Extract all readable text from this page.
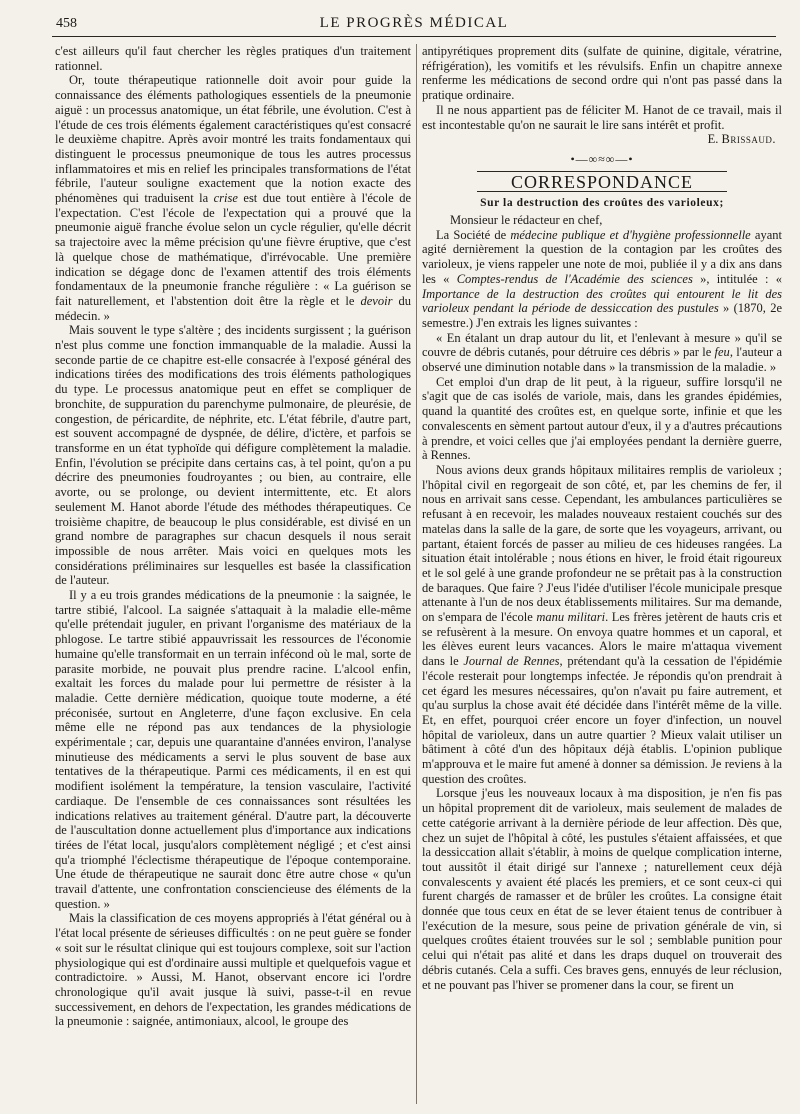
458	LE PROGRÈS MÉDICAL

c'est ailleurs qu'il faut chercher les règles pratiques d'un traitement rationnel.

Or, toute thérapeutique rationnelle doit avoir pour guide la connaissance des éléments pathologiques essentiels de la pneumonie aiguë : un processus anatomique, un état fébrile, une évolution. C'est à l'étude de ces trois éléments également caractéristiques qu'est consacré le deuxième chapitre. Après avoir montré les traits fondamentaux qui distinguent le processus pneumonique de tous les autres processus inflammatoires et mis en relief les principales transformations de l'état fébrile, l'auteur souligne exactement que la notion exacte des phénomènes qui traduisent la crise est due tout entière à l'école de l'expectation. C'est l'école de l'expectation qui a prouvé que la pneumonie aiguë franche évolue selon un cycle régulier, qu'elle décrit sa trajectoire avec la même précision qu'une fièvre éruptive, que c'est là quelque chose de mathématique, d'irrévocable. Une première indication se dégage donc de l'examen attentif des trois éléments fondamentaux de la pneumonie franche régulière : « La guérison se fait naturellement, et l'abstention doit être la règle et le devoir du médecin. »

Mais souvent le type s'altère ; des incidents surgissent ; la guérison n'est plus comme une fonction immanquable de la maladie. Aussi la seconde partie de ce chapitre est-elle consacrée à l'exposé général des indications tirées des modifications des trois éléments pathologiques du type. Le processus anatomique peut en effet se compliquer de bronchite, de suppuration du parenchyme pulmonaire, de pleurésie, de congestion, de péricardite, de néphrite, etc. L'état fébrile, d'autre part, est souvent accompagné de dyspnée, de délire, d'ictère, et parfois se transforme en un état typhoïde qui défigure complètement la maladie. Enfin, l'évolution se précipite dans certains cas, à tel point, qu'on a pu décrire des pneumonies foudroyantes ; ou bien, au contraire, elle avorte, ou se prolonge, ou devient intermittente, etc. Et alors seulement M. Hanot aborde l'étude des méthodes thérapeutiques. Ce troisième chapitre, de beaucoup le plus considérable, est divisé en un grand nombre de paragraphes sur chacun desquels il nous serait impossible de nous arrêter. Mais voici en quelques mots les considérations préliminaires sur lesquelles est basée la classification de l'auteur.

Il y a eu trois grandes médications de la pneumonie : la saignée, le tartre stibié, l'alcool. La saignée s'attaquait à la maladie elle-même qu'elle prétendait juguler, en privant l'organisme des matériaux de la phlogose. Le tartre stibié appauvrissait les ressources de l'économie humaine qu'elle transformait en un terrain infécond où le mal, sorte de parasite morbide, ne pouvait plus prendre racine. L'alcool enfin, exaltait les forces du malade pour lui permettre de résister à la maladie. Cette dernière médication, quoique toute moderne, a été préconisée, surtout en Angleterre, d'une façon exclusive. En cela même elle ne répond pas aux tendances de la physiologie expérimentale ; car, depuis une quarantaine d'années environ, l'analyse minutieuse des médicaments a servi le plus souvent de base aux tentatives de la thérapeutique. Parmi ces médicaments, il en est qui modifient isolément la température, la tension vasculaire, l'activité cardiaque. De l'ensemble de ces connaissances sont résultées les indications relatives au traitement général. D'autre part, la découverte de l'auscultation donne actuellement plus d'importance aux indications tirées de l'état local, jusqu'alors complètement négligé ; et c'est ainsi qu'a triomphé l'éclectisme thérapeutique de l'époque contemporaine. Une étude de thérapeutique ne saurait donc être autre chose « qu'un travail d'attente, une confrontation consciencieuse des éléments de la question. »

Mais la classification de ces moyens appropriés à l'état général ou à l'état local présente de sérieuses difficultés : on ne peut guère se fonder « soit sur le résultat clinique qui est toujours complexe, soit sur l'action physiologique qui est d'ordinaire aussi multiple et quelquefois vague et contradictoire. » Aussi, M. Hanot, observant encore ici l'ordre chronologique qu'il avait jusque là suivi, passe-t-il en revue successivement, en dehors de l'expectation, les grandes médications de la pneumonie : saignée, antimoniaux, alcool, le groupe des

antipyrétiques proprement dits (sulfate de quinine, digitale, vératrine, réfrigération), les vomitifs et les révulsifs. Enfin un chapitre annexe renferme les médications de second ordre qui n'ont pas passé dans la pratique ordinaire.

Il ne nous appartient pas de féliciter M. Hanot de ce travail, mais il est incontestable qu'on ne saurait le lire sans intérêt et profit.

E. Brissaud.
•—∞≈∞—•
CORRESPONDANCE
Sur la destruction des croûtes des varioleux;

Monsieur le rédacteur en chef,

La Société de médecine publique et d'hygiène professionnelle ayant agité dernièrement la question de la contagion par les croûtes des varioleux, je viens rappeler une note de moi, publiée il y a dix ans dans les « Comptes-rendus de l'Académie des sciences », intitulée : « Importance de la destruction des croûtes qui entourent le lit des varioleux pendant la période de dessiccation des pustules » (1870, 2e semestre.) J'en extrais les lignes suivantes :

« En étalant un drap autour du lit, et l'enlevant à mesure » qu'il se couvre de débris cutanés, pour détruire ces débris » par le feu, l'auteur a observé une diminution notable dans » la transmission de la maladie. »

Cet emploi d'un drap de lit peut, à la rigueur, suffire lorsqu'il ne s'agit que de cas isolés de variole, mais, dans les grandes épidémies, quand la quantité des croûtes est, en quelque sorte, infinie et que les convalescents en sèment partout autour d'eux, il y a d'autres précautions à prendre, et voici celles que j'ai employées pendant la dernière guerre, à Rennes.

Nous avions deux grands hôpitaux militaires remplis de varioleux ; l'hôpital civil en regorgeait de son côté, et, par les chemins de fer, il nous en arrivait sans cesse. Cependant, les ambulances particulières se refusant à en recevoir, les malades nouveaux restaient couchés sur des matelas dans la salle de la gare, de sorte que les voyageurs, arrivant, ou partant, étaient forcés de passer au milieu de ces hideuses rangées. La situation était intolérable ; nous étions en hiver, le froid était rigoureux et le sol gelé à une grande profondeur ne se prêtait pas à la construction de baraques. Que faire ? J'eus l'idée d'utiliser l'école municipale presque attenante à l'un de nos deux établissements militaires. Sur ma demande, on s'empara de l'école manu militari. Les frères jetèrent de hauts cris et se refusèrent à la mesure. On envoya quatre hommes et un caporal, et les élèves eurent leurs vacances. Alors le maire m'attaqua vivement dans le Journal de Rennes, prétendant qu'à la cessation de l'épidémie l'école resterait pour longtemps infectée. Je répondis qu'on prendrait à cet égard les mesures nécessaires, qu'on n'avait pu faire autrement, et qu'au surplus la chose avait été décidée dans l'intérêt même de la ville. Et, en effet, pourquoi créer encore un foyer d'infection, un nouvel hôpital de varioleux, dans un autre quartier ? Mieux valait utiliser un bâtiment à côté d'un des hôpitaux déjà établis. L'opinion publique m'approuva et le maire fut amené à donner sa démission. Je reviens à la question des croûtes.

Lorsque j'eus les nouveaux locaux à ma disposition, je n'en fis pas un hôpital proprement dit de varioleux, mais seulement de malades de cette catégorie arrivant à la dernière période de leur affection. Dès que, chez un sujet de l'hôpital à côté, les pustules s'étaient affaissées, et que la dessiccation allait s'établir, à moins de quelque complication interne, tout aussitôt il était dirigé sur l'annexe ; naturellement ceux déjà convalescents y avaient été placés les premiers, et ce sont ceux-ci qui furent chargés de ramasser et de brûler les croûtes. La consigne était donnée que tous ceux en état de se lever étaient tenus de contribuer à l'exécution de la mesure, sous peine de privation générale de vin, si quelques croûtes étaient trouvées sur le sol ; semblable punition pour celui qui n'était pas alité et dans les draps duquel on trouverait des débris cutanés. Cela a suffi. Ces braves gens, ennuyés de leur réclusion, et ne pouvant pas l'hiver se promener dans la cour, se firent un
